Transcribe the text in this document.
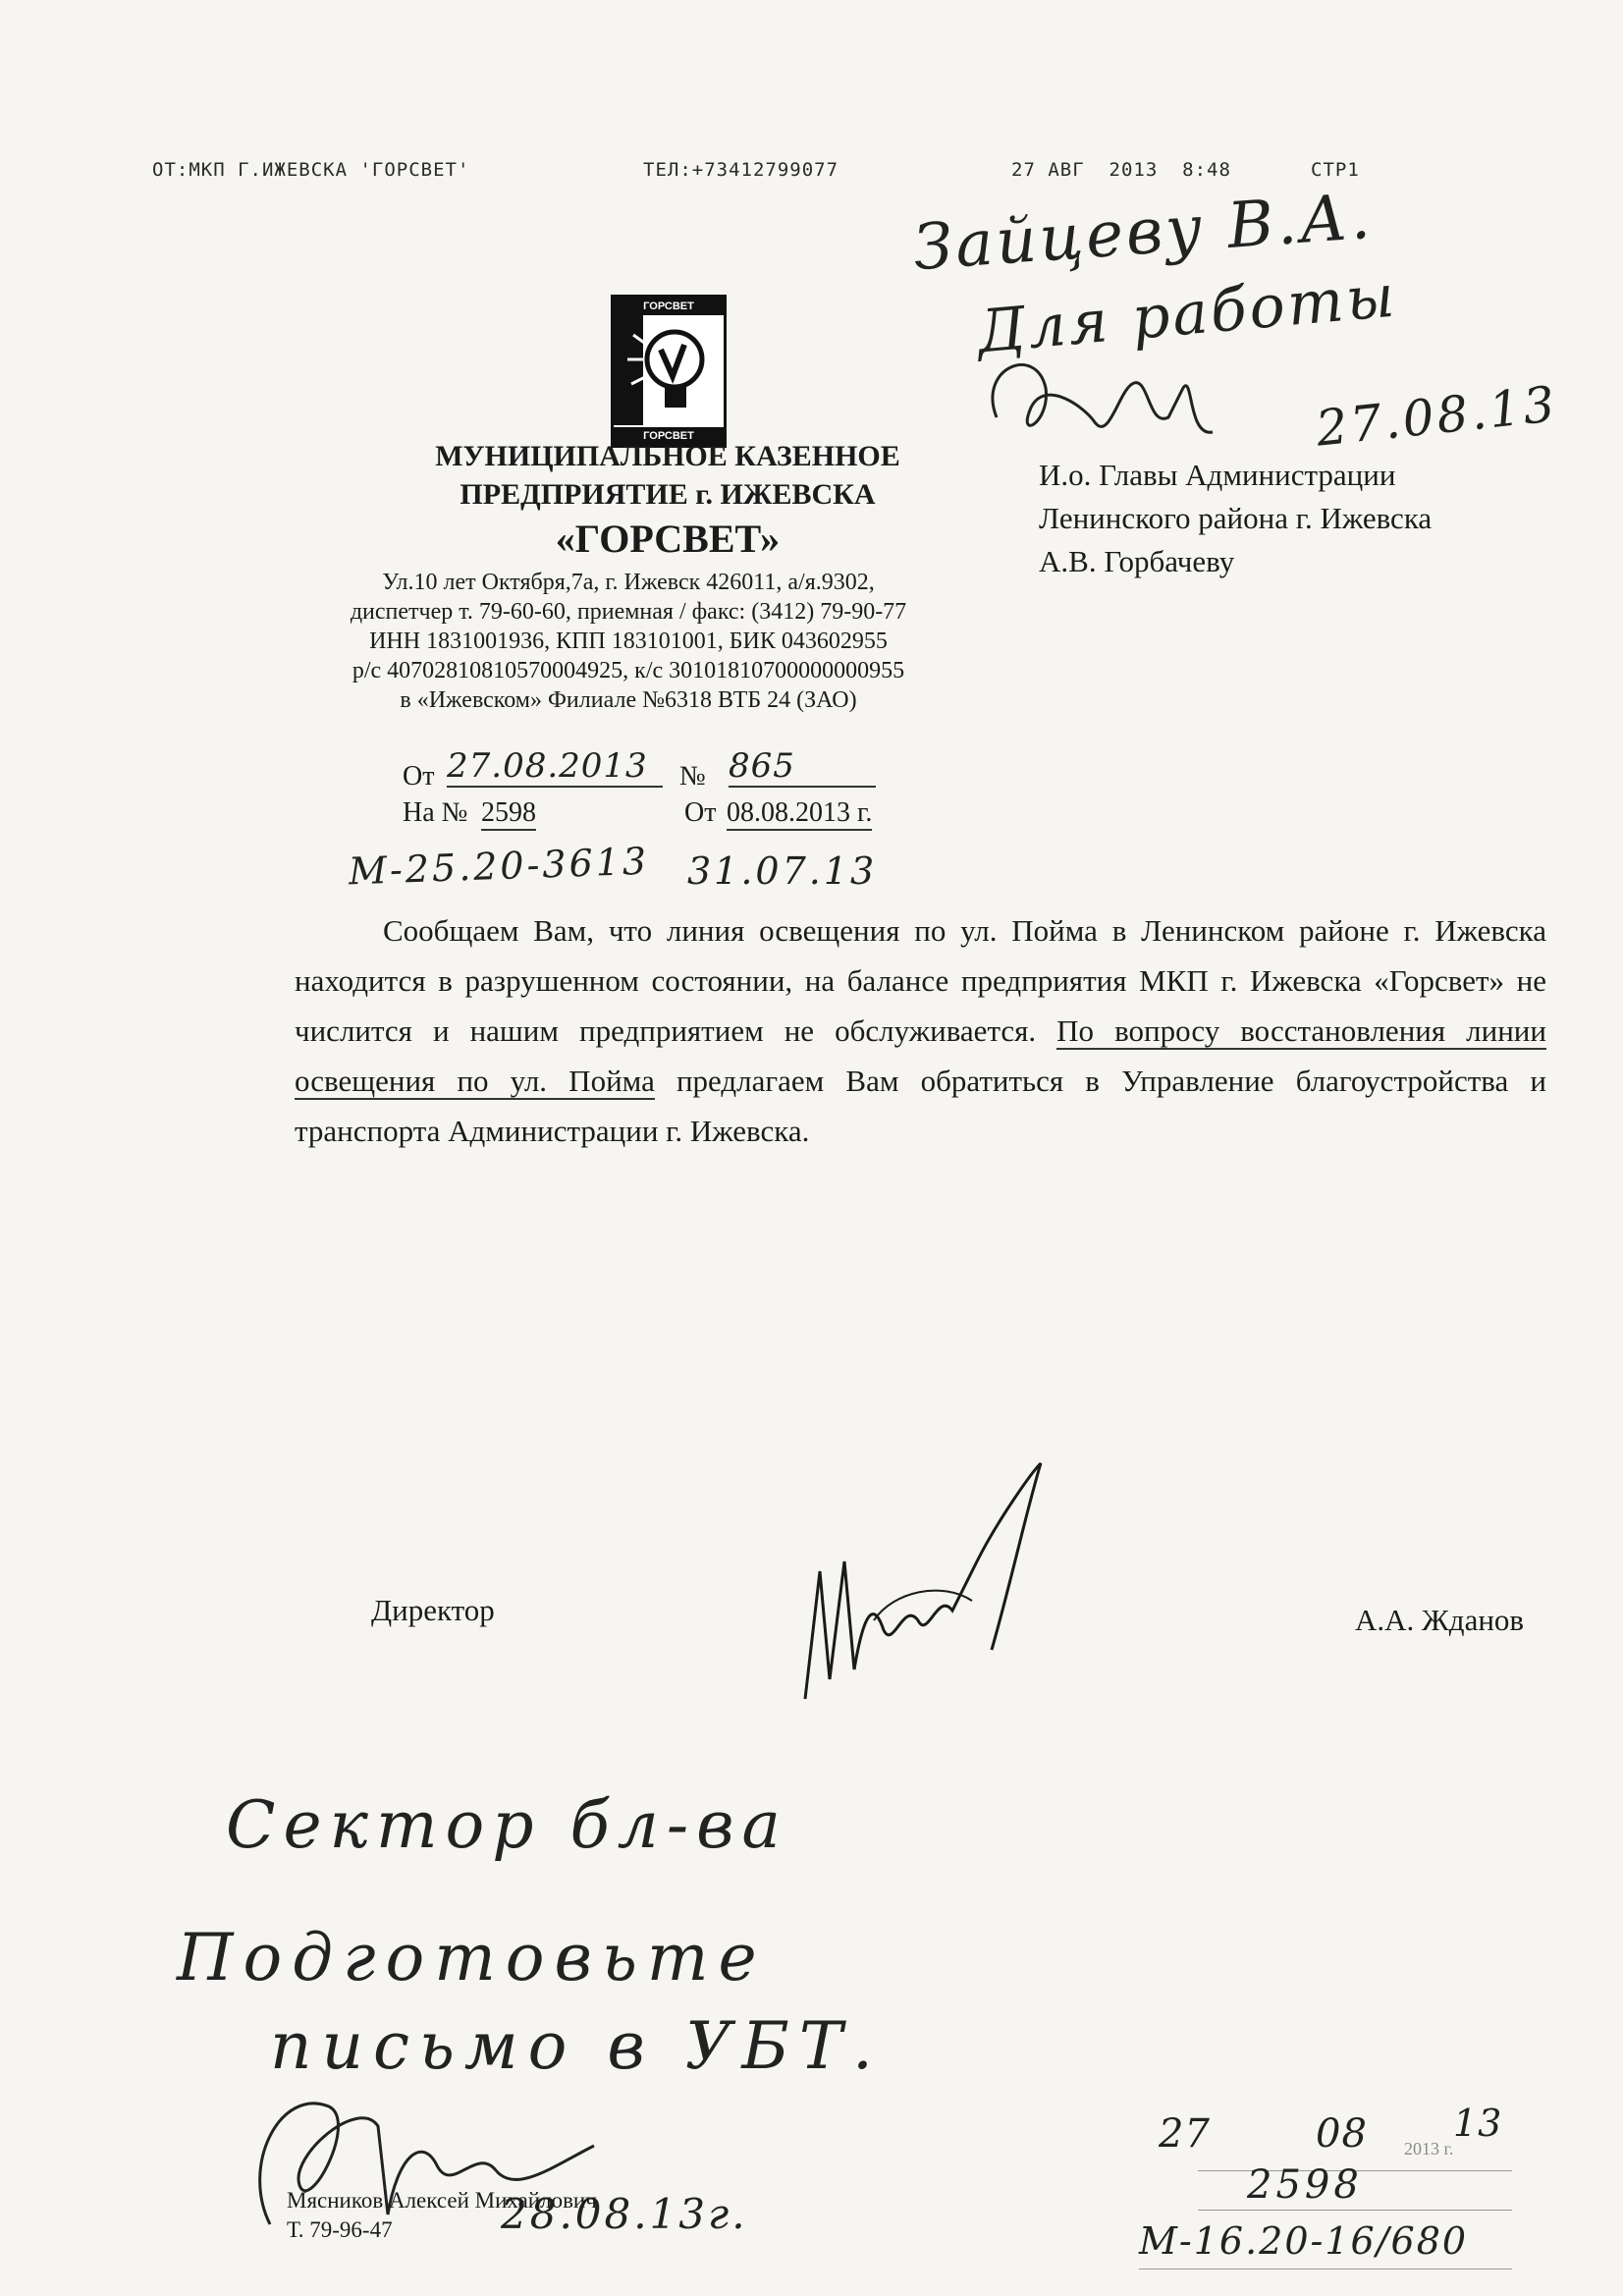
ОТ:МКП Г.ИЖЕВСКА 'ГОРСВЕТ'	ТЕЛ:+73412799077	27 АВГ  2013  8:48	СТР1
Зайцеву В.А.
Для работы
27.08.13
ГОРСВЕТ
ГОРСВЕТ
МУНИЦИПАЛЬНОЕ КАЗЕННОЕ
ПРЕДПРИЯТИЕ г. ИЖЕВСКА
«ГОРСВЕТ»
Ул.10 лет Октября,7а, г. Ижевск 426011, а/я.9302,
диспетчер т. 79-60-60, приемная / факс: (3412) 79-90-77
ИНН 1831001936, КПП 183101001, БИК 043602955
р/с 40702810810570004925, к/с 30101810700000000955
в «Ижевском» Филиале №6318 ВТБ 24 (ЗАО)
И.о. Главы Администрации
Ленинского района г. Ижевска
А.В. Горбачеву
От 27.08.2013	№ 865
На № 2598	От 08.08.2013 г.
М-25.20-3613 31.07.13

Сообщаем Вам, что линия освещения по ул. Пойма в Ленинском районе г. Ижевска находится в разрушенном состоянии, на балансе предприятия МКП г. Ижевска «Горсвет» не числится и нашим предприятием не обслуживается. По вопросу восстановления линии освещения по ул. Пойма предлагаем Вам обратиться в Управление благоустройства и транспорта Администрации г. Ижевска.

Директор	А.А. Жданов
Сектор бл-ва
Подготовьте
письмо в УБТ.
28.08.13г.
Мясников Алексей Михайлович
Т. 79-96-47
27	08 2013 г.
13
2598
М-16.20-16/680
